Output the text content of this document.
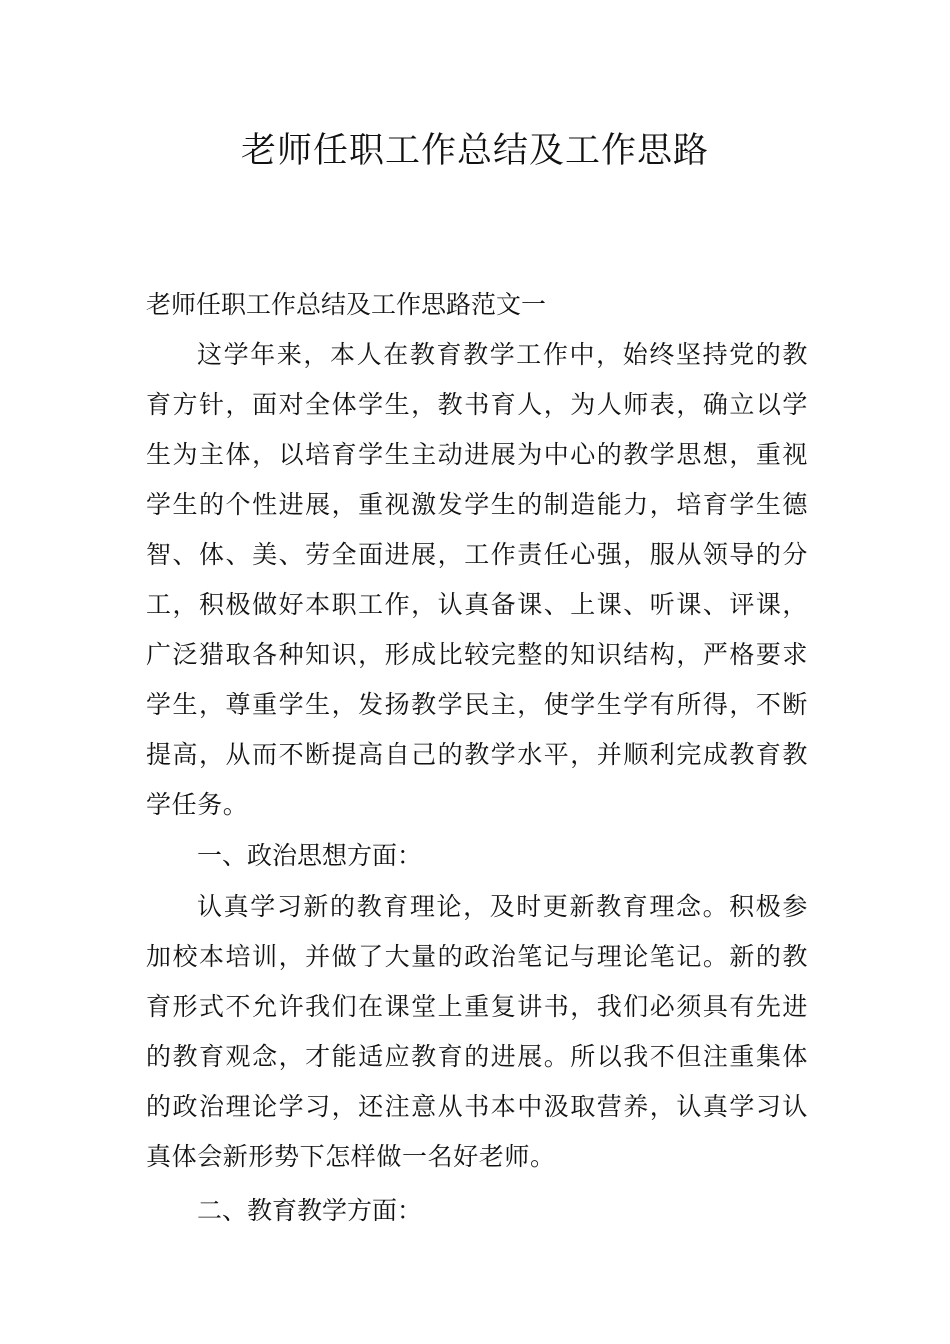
老师任职工作总结及工作思路
老师任职工作总结及工作思路范文一

这学年来，本人在教育教学工作中，始终坚持党的教育方针，面对全体学生，教书育人，为人师表，确立以学生为主体，以培育学生主动进展为中心的教学思想，重视学生的个性进展，重视激发学生的制造能力，培育学生德智、体、美、劳全面进展，工作责任心强，服从领导的分工，积极做好本职工作，认真备课、上课、听课、评课，广泛猎取各种知识，形成比较完整的知识结构，严格要求学生，尊重学生，发扬教学民主，使学生学有所得，不断提高，从而不断提高自己的教学水平，并顺利完成教育教学任务。

一、政治思想方面：

认真学习新的教育理论，及时更新教育理念。积极参加校本培训，并做了大量的政治笔记与理论笔记。新的教育形式不允许我们在课堂上重复讲书，我们必须具有先进的教育观念，才能适应教育的进展。所以我不但注重集体的政治理论学习，还注意从书本中汲取营养，认真学习认真体会新形势下怎样做一名好老师。

二、教育教学方面：
